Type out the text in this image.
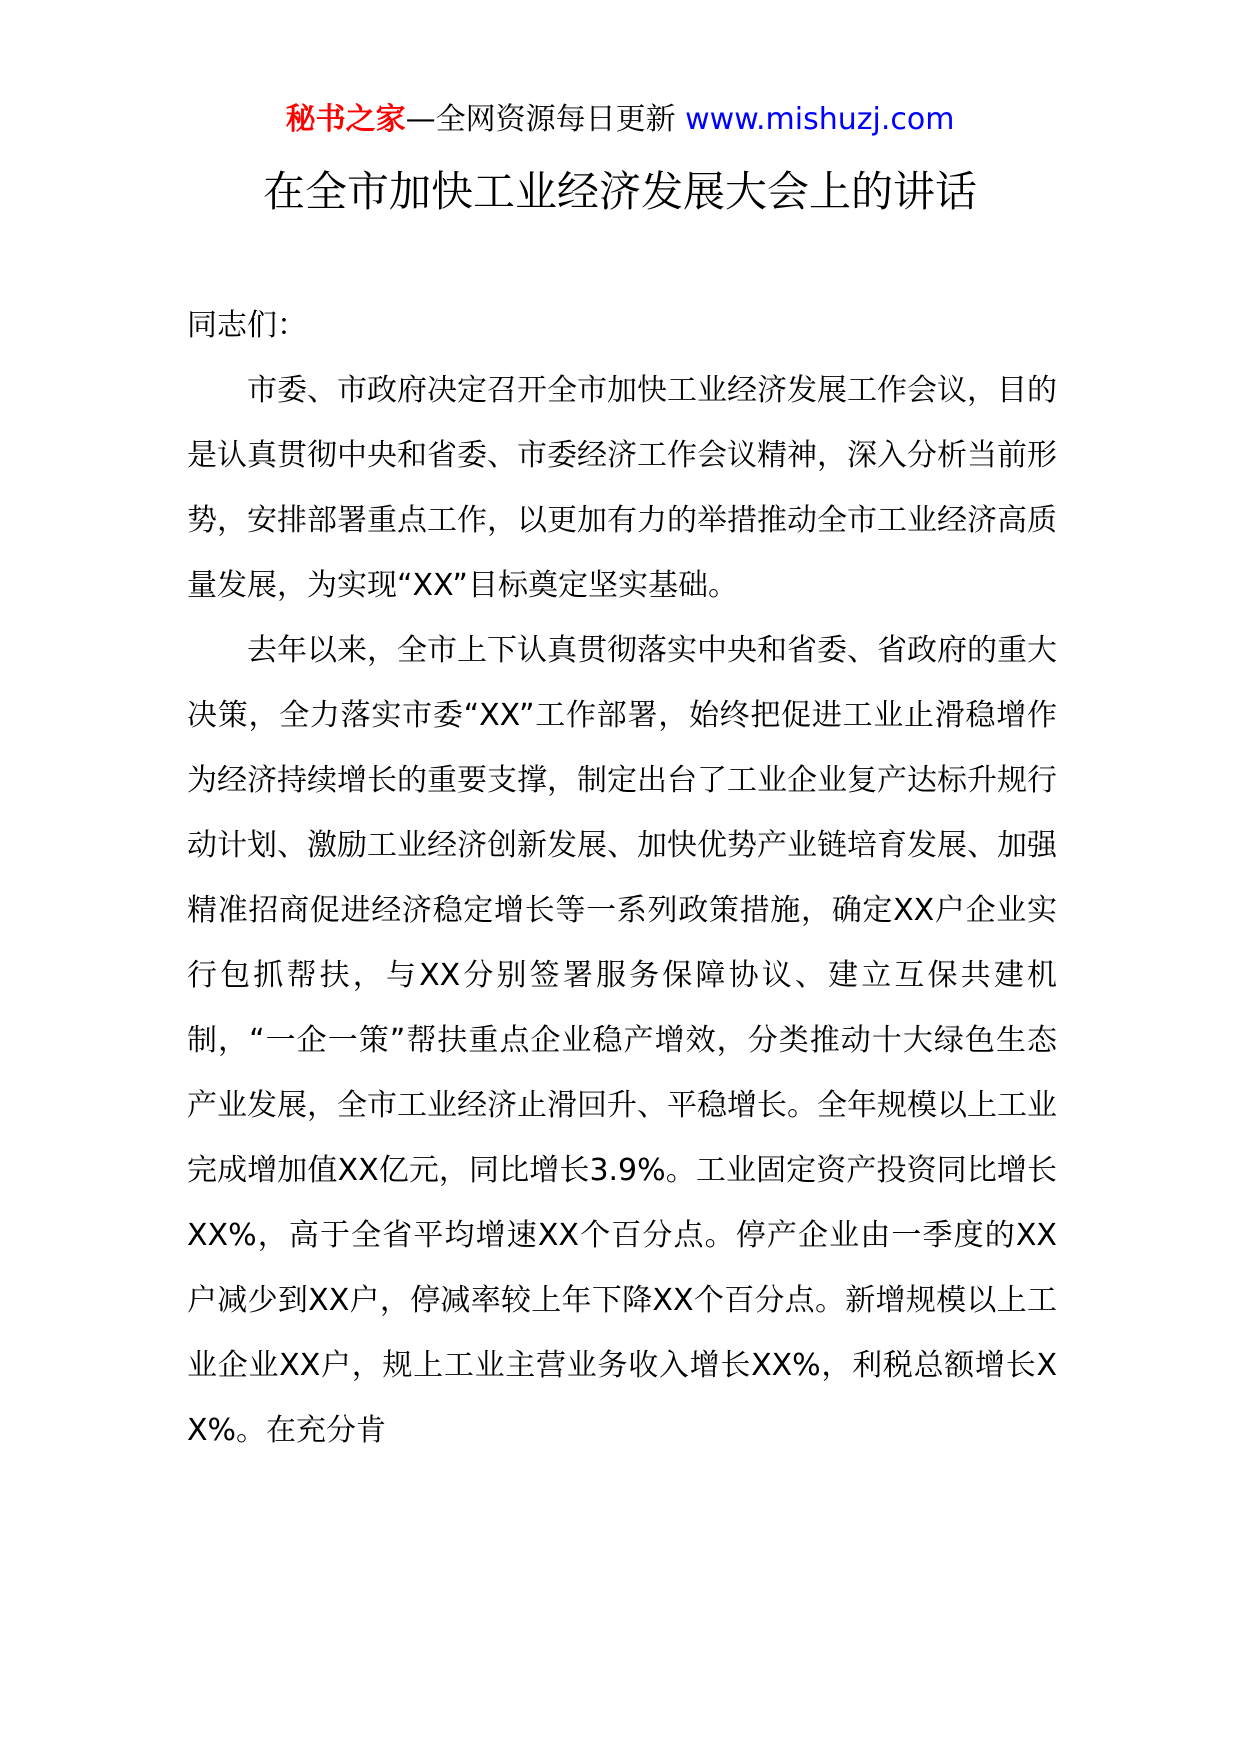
秘书之家—全网资源每日更新 www.mishuzj.com
在全市加快工业经济发展大会上的讲话

同志们：

市委、市政府决定召开全市加快工业经济发展工作会议，目的是认真贯彻中央和省委、市委经济工作会议精神，深入分析当前形势，安排部署重点工作，以更加有力的举措推动全市工业经济高质量发展，为实现“XX”目标奠定坚实基础。

去年以来，全市上下认真贯彻落实中央和省委、省政府的重大决策，全力落实市委“XX”工作部署，始终把促进工业止滑稳增作为经济持续增长的重要支撑，制定出台了工业企业复产达标升规行动计划、激励工业经济创新发展、加快优势产业链培育发展、加强精准招商促进经济稳定增长等一系列政策措施，确定XX户企业实行包抓帮扶，与XX分别签署服务保障协议、建立互保共建机制，“一企一策”帮扶重点企业稳产增效，分类推动十大绿色生态产业发展，全市工业经济止滑回升、平稳增长。全年规模以上工业完成增加值XX亿元，同比增长3.9%。工业固定资产投资同比增长XX%，高于全省平均增速XX个百分点。停产企业由一季度的XX户减少到XX户，停减率较上年下降XX个百分点。新增规模以上工业企业XX户，规上工业主营业务收入增长XX%，利税总额增长XX%。在充分肯
